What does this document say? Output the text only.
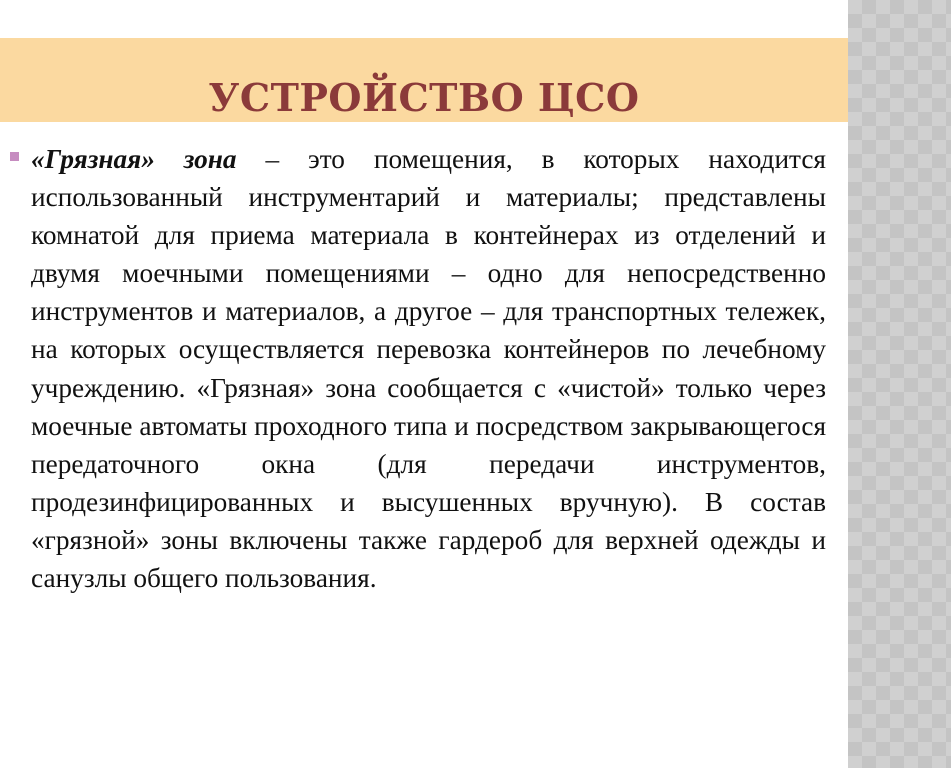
УСТРОЙСТВО ЦСО

«Грязная» зона – это помещения, в которых находится использованный инструментарий и материалы; представлены комнатой для приема материала в контейнерах из отделений и двумя моечными помещениями – одно для непосредственно инструментов и материалов, а другое – для транспортных тележек, на которых осуществляется перевозка контейнеров по лечебному учреждению. «Грязная» зона сообщается с «чистой» только через моечные автоматы проходного типа и посредством закрывающегося передаточного окна (для передачи инструментов, продезинфицированных и высушенных вручную). В состав «грязной» зоны включены также гардероб для верхней одежды и санузлы общего пользования.
